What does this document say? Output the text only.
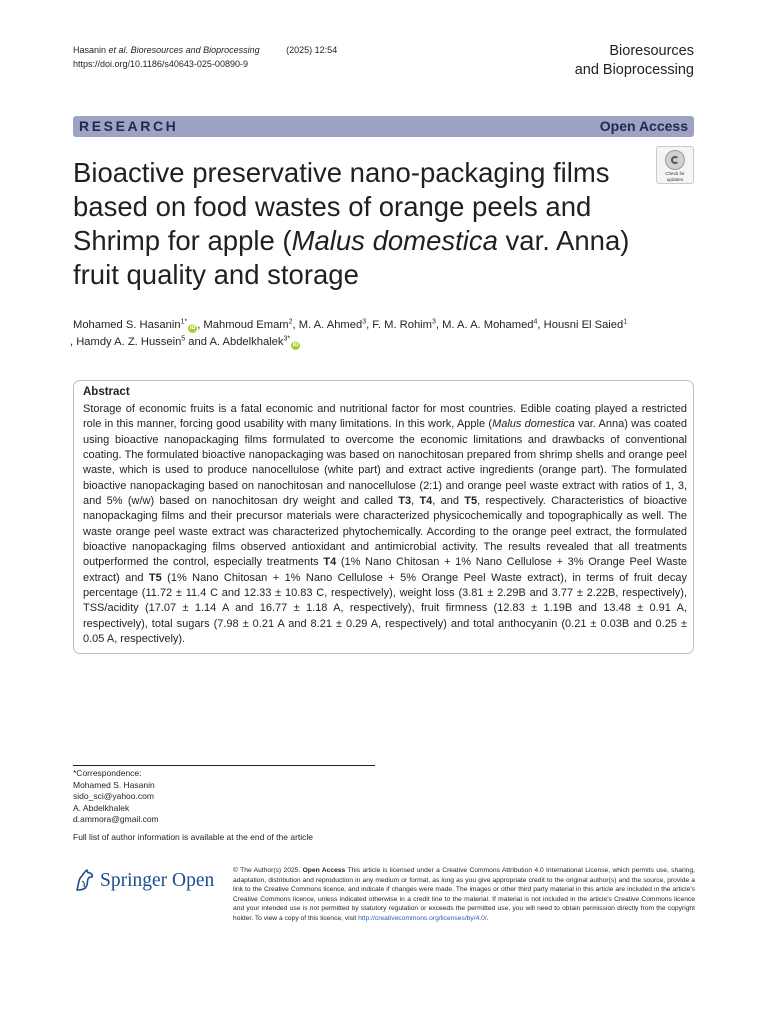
Hasanin et al. Bioresources and Bioprocessing	(2025) 12:54
https://doi.org/10.1186/s40643-025-00890-9
Bioresources
and Bioprocessing
RESEARCH	Open Access
Check for
updates
Bioactive preservative nano-packaging films based on food wastes of orange peels and Shrimp for apple (Malus domestica var. Anna) fruit quality and storage
Mohamed S. Hasanin$^{1*}$iD , Mahmoud Emam$^2$, M. A. Ahmed$^3$, F. M. Rohim$^3$, M. A. A. Mohamed$^4$, Housni El Saied$^1$
, Hamdy A. Z. Hussein$^5$ and A. Abdelkhalek$^{3*}$iD
Abstract
Storage of economic fruits is a fatal economic and nutritional factor for most countries. Edible coating played a restricted role in this manner, forcing good usability with many limitations. In this work, Apple (Malus domestica var. Anna) was coated using bioactive nanopackaging films formulated to overcome the economic limitations and drawbacks of conventional coating. The formulated bioactive nanopackaging was based on nanochitosan prepared from shrimp shells and orange peel waste, which is used to produce nanocellulose (white part) and extract active ingredients (orange part). The formulated bioactive nanopackaging based on nanochitosan and nanocellulose (2:1) and orange peel waste extract with ratios of 1, 3, and 5% (w/w) based on nanochitosan dry weight and called T3, T4, and T5, respectively. Characteristics of bioactive nanopackaging films and their precursor materials were characterized physicochemically and topographically as well. The waste orange peel waste extract was characterized phytochemically. According to the orange peel extract, the formulated bioactive nanopackaging films observed antioxidant and antimicrobial activity. The results revealed that all treatments outperformed the control, especially treatments T4 (1% Nano Chitosan + 1% Nano Cellulose + 3% Orange Peel Waste extract) and T5 (1% Nano Chitosan + 1% Nano Cellulose + 5% Orange Peel Waste extract), in terms of fruit decay percentage (11.72 ± 11.4 C and 12.33 ± 10.83 C, respectively), weight loss (3.81 ± 2.29B and 3.77 ± 2.22B, respectively), TSS/acidity (17.07 ± 1.14 A and 16.77 ± 1.18 A, respectively), fruit firmness (12.83 ± 1.19B and 13.48 ± 0.91 A, respectively), total sugars (7.98 ± 0.21 A and 8.21 ± 0.29 A, respectively) and total anthocyanin (0.21 ± 0.03B and 0.25 ± 0.05 A, respectively).
*Correspondence:
Mohamed S. Hasanin
sido_sci@yahoo.com
A. Abdelkhalek
d.ammora@gmail.com
Full list of author information is available at the end of the article
Springer Open	© The Author(s) 2025. Open Access This article is licensed under a Creative Commons Attribution 4.0 International License, which permits use, sharing, adaptation, distribution and reproduction in any medium or format, as long as you give appropriate credit to the original author(s) and the source, provide a link to the Creative Commons licence, and indicate if changes were made. The images or other third party material in this article are included in the article's Creative Commons licence, unless indicated otherwise in a credit line to the material. If material is not included in the article's Creative Commons licence and your intended use is not permitted by statutory regulation or exceeds the permitted use, you will need to obtain permission directly from the copyright holder. To view a copy of this licence, visit http://creativecommons.org/licenses/by/4.0/.
